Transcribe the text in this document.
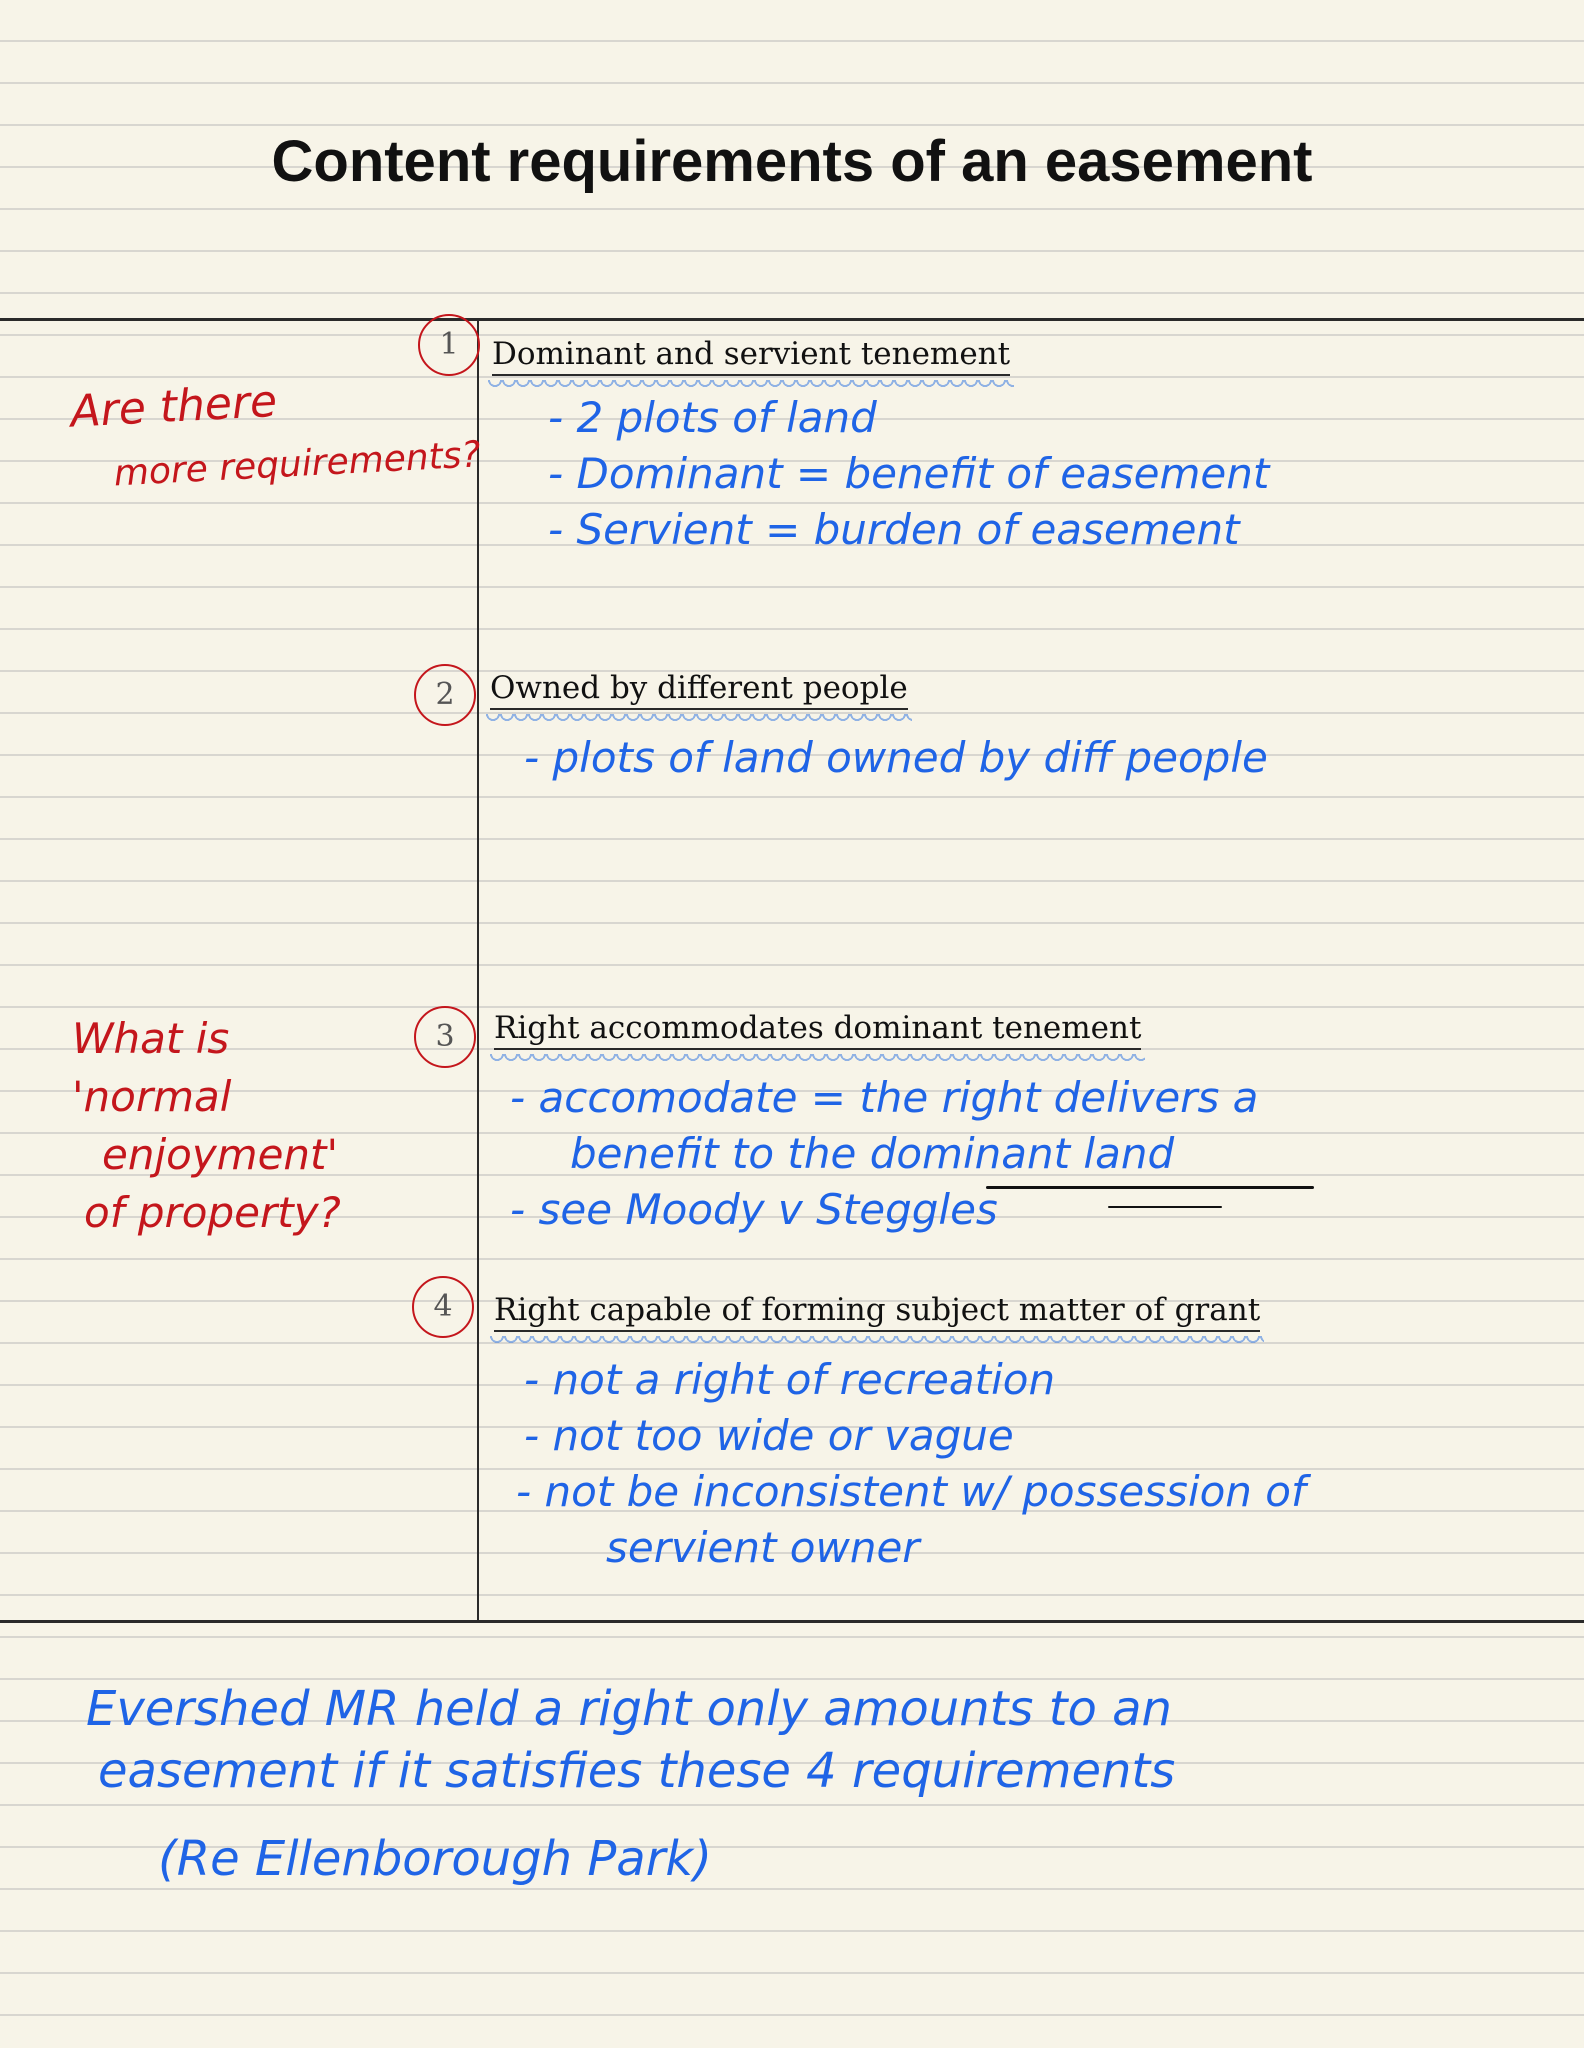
Content requirements of an easement
Are there
more requirements?
What is
'normal
enjoyment'
of property?
1	Dominant and servient tenement
- 2 plots of land
- Dominant = benefit of easement
- Servient = burden of easement
2	Owned by different people
- plots of land owned by diff people
3	Right accommodates dominant tenement
- accomodate = the right delivers a
benefit to the dominant land
- see Moody v Steggles
4	Right capable of forming subject matter of grant
- not a right of recreation
- not too wide or vague
- not be inconsistent w/ possession of
servient owner
Evershed MR held a right only amounts to an
easement if it satisfies these 4 requirements
(Re Ellenborough Park)
